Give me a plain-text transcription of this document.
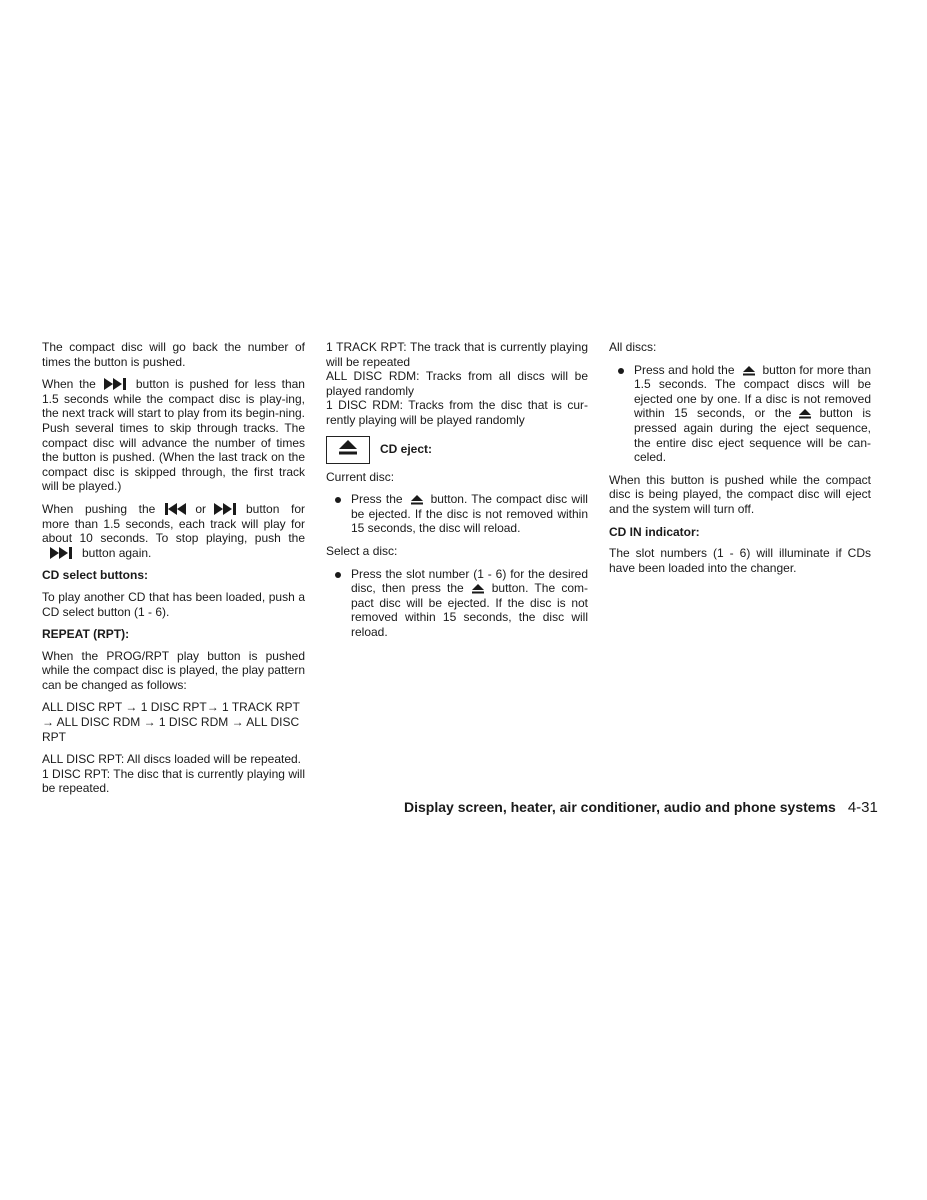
The compact disc will go back the number of times the button is pushed.

When the	button is pushed for less than 1.5 seconds while the compact disc is play-ing, the next track will start to play from its begin-ning. Push several times to skip through tracks. The compact disc will advance the number of times the button is pushed. (When the last track on the compact disc is skipped through, the first track will be played.)

When pushing the	or	button for more than 1.5 seconds, each track will play for about 10 seconds. To stop playing, push the
button again.

CD select buttons:

To play another CD that has been loaded, push a CD select button (1 - 6).

REPEAT (RPT):

When the PROG/RPT play button is pushed while the compact disc is played, the play pattern can be changed as follows:

ALL DISC RPT → 1 DISC RPT→ 1 TRACK RPT → ALL DISC RDM → 1 DISC RDM → ALL DISC RPT

ALL DISC RPT: All discs loaded will be repeated.

1 DISC RPT: The disc that is currently playing will be repeated.

1 TRACK RPT: The track that is currently playing will be repeated

ALL DISC RDM: Tracks from all discs will be played randomly

1 DISC RDM: Tracks from the disc that is cur-rently playing will be played randomly

CD eject:

Current disc:

Press the button. The compact disc will be ejected. If the disc is not removed within 15 seconds, the disc will reload.

Select a disc:

Press the slot number (1 - 6) for the desired disc, then press the button. The com-pact disc will be ejected. If the disc is not removed within 15 seconds, the disc will reload.

All discs:

Press and hold the button for more than 1.5 seconds. The compact discs will be ejected one by one. If a disc is not removed within 15 seconds, or the button is pressed again during the eject sequence, the entire disc eject sequence will be can-celed.

When this button is pushed while the compact disc is being played, the compact disc will eject and the system will turn off.

CD IN indicator:

The slot numbers (1 - 6) will illuminate if CDs have been loaded into the changer.

Display screen, heater, air conditioner, audio and phone systems 4-31
